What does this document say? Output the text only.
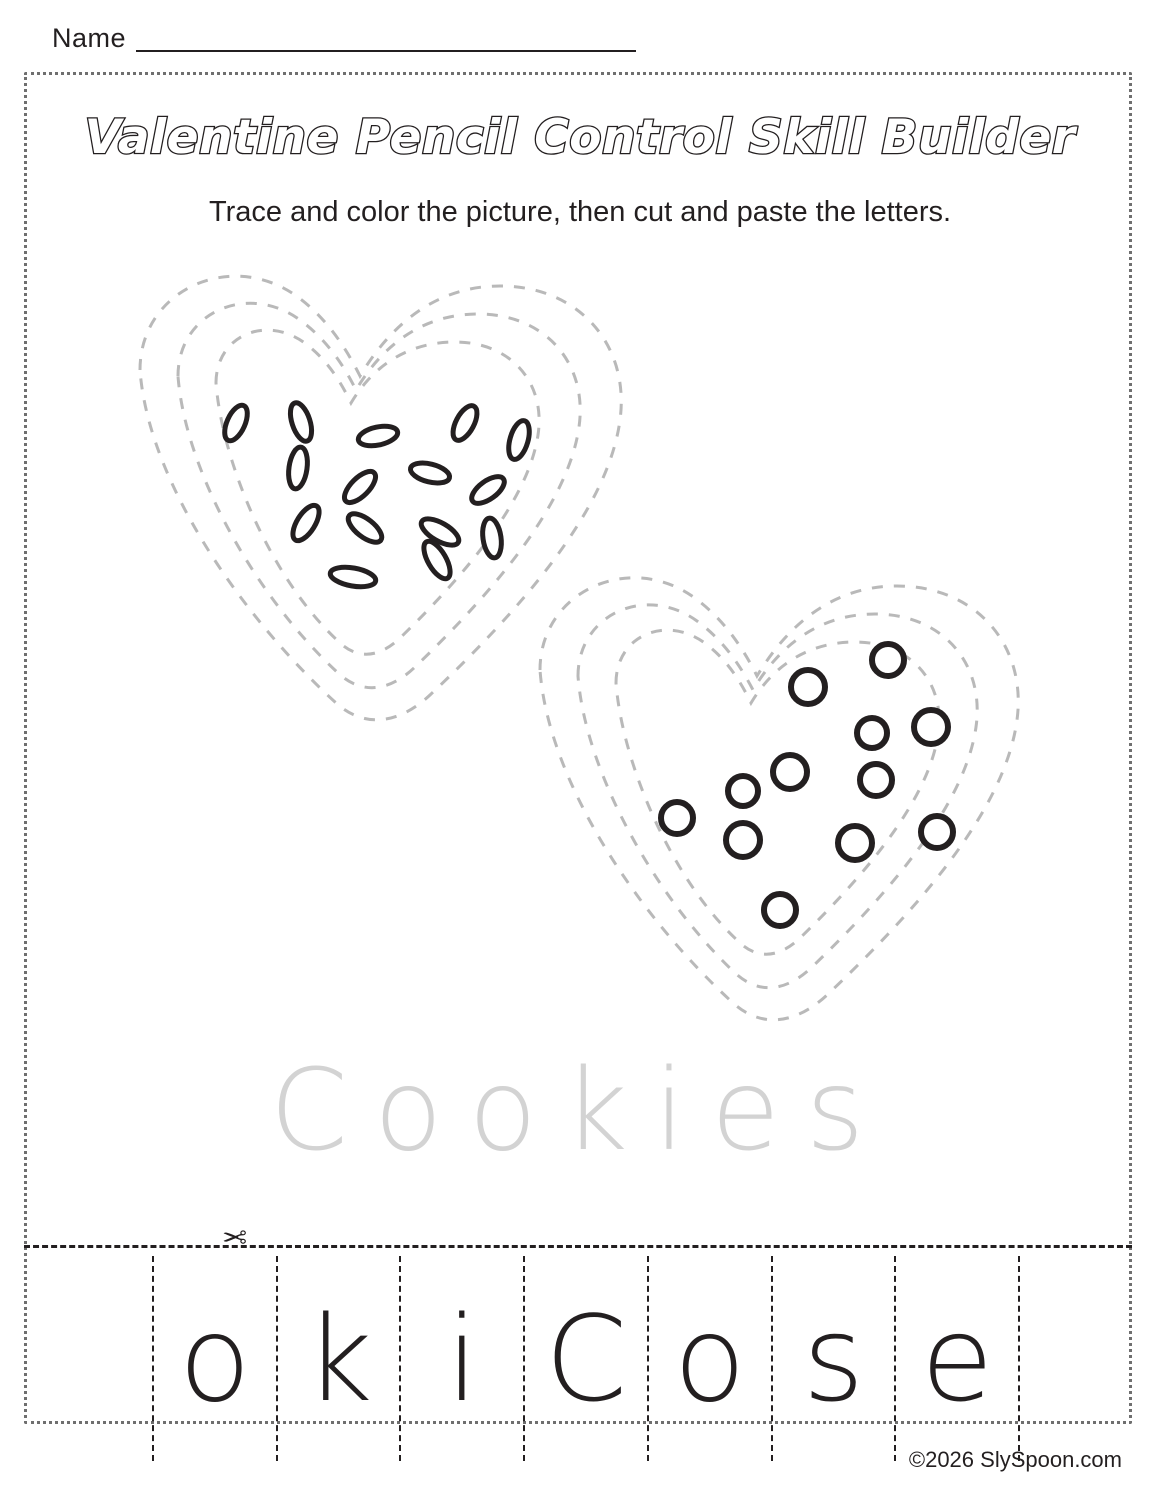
Name
Valentine Pencil Control Skill Builder
Trace and color the picture, then cut and paste the letters.
Cookies
✂
o k i C o s e
©2026 SlySpoon.com
